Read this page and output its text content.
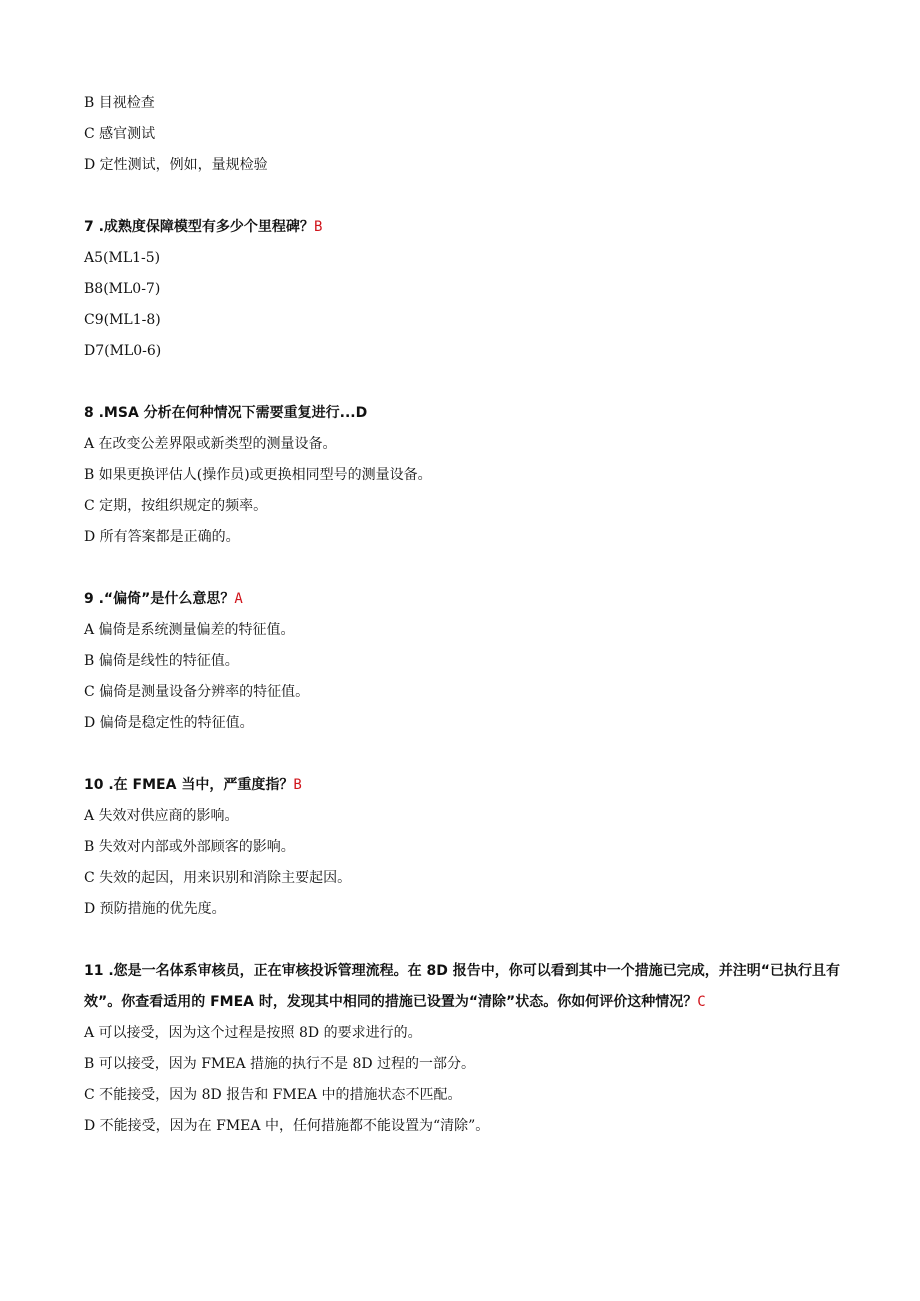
B 目视检查
C 感官测试
D 定性测试，例如，量规检验
7 .成熟度保障模型有多少个里程碑？B
A5(ML1-5)
B8(ML0-7)
C9(ML1-8)
D7(ML0-6)
8 .MSA 分析在何种情况下需要重复进行...D
A 在改变公差界限或新类型的测量设备。
B 如果更换评估人(操作员)或更换相同型号的测量设备。
C 定期，按组织规定的频率。
D 所有答案都是正确的。
9 .“偏倚”是什么意思？A
A 偏倚是系统测量偏差的特征值。
B 偏倚是线性的特征值。
C 偏倚是测量设备分辨率的特征值。
D 偏倚是稳定性的特征值。
10 .在 FMEA 当中，严重度指？B
A 失效对供应商的影响。
B 失效对内部或外部顾客的影响。
C 失效的起因，用来识别和消除主要起因。
D 预防措施的优先度。
11 .您是一名体系审核员，正在审核投诉管理流程。在 8D 报告中，你可以看到其中一个措施已完成，并注明“已执行且有效”。你查看适用的 FMEA 时，发现其中相同的措施已设置为“清除”状态。你如何评价这种情况？C
A 可以接受，因为这个过程是按照 8D 的要求进行的。
B 可以接受，因为 FMEA 措施的执行不是 8D 过程的一部分。
C 不能接受，因为 8D 报告和 FMEA 中的措施状态不匹配。
D 不能接受，因为在 FMEA 中，任何措施都不能设置为“清除”。
